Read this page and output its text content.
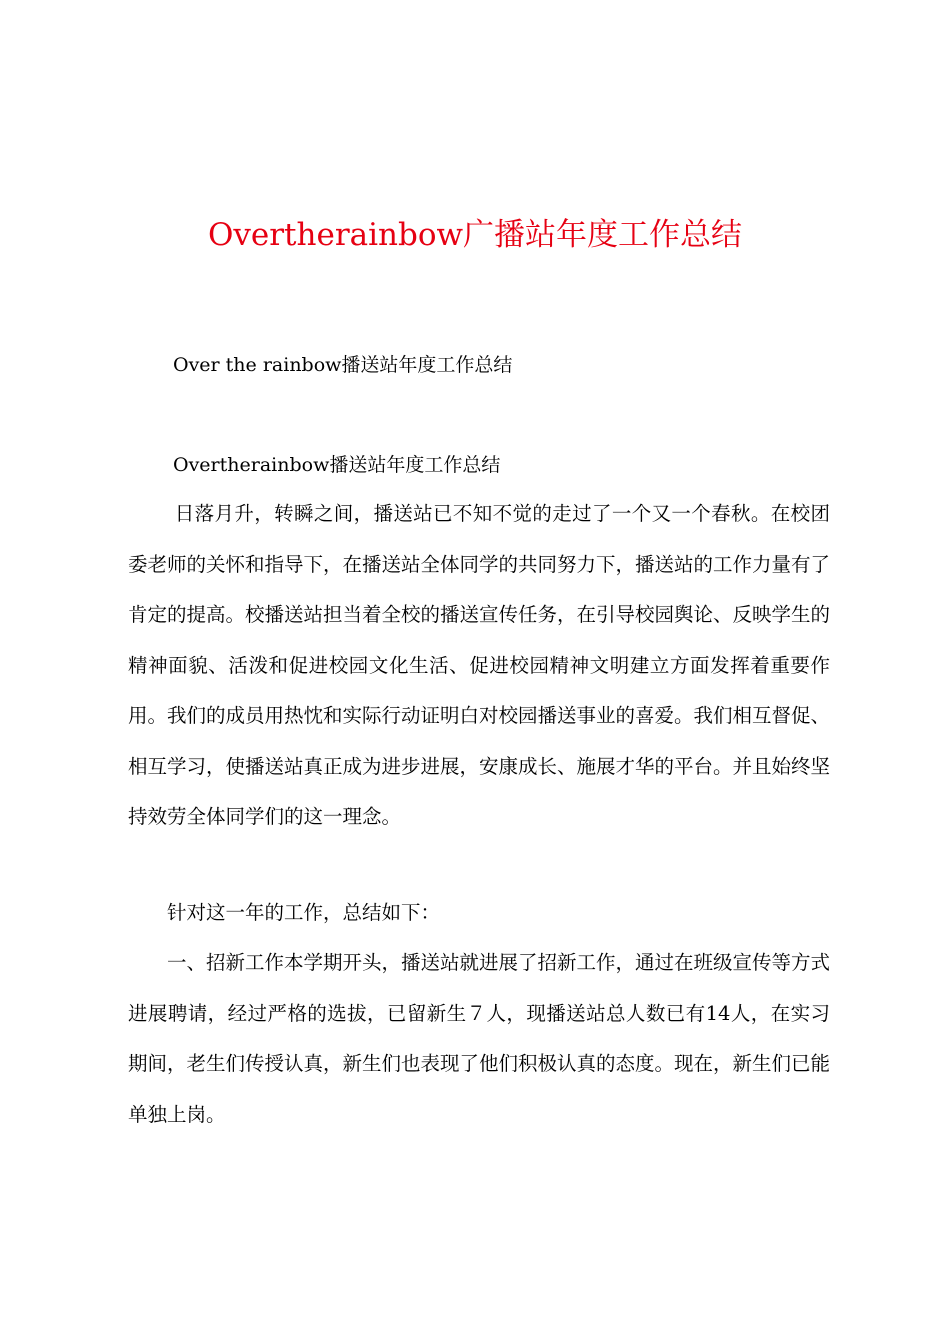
Overtherainbow广播站年度工作总结
Over the rainbow播送站年度工作总结
Overtherainbow播送站年度工作总结
日落月升，转瞬之间，播送站已不知不觉的走过了一个又一个春秋。在校团委老师的关怀和指导下，在播送站全体同学的共同努力下，播送站的工作力量有了肯定的提高。校播送站担当着全校的播送宣传任务，在引导校园舆论、反映学生的精神面貌、活泼和促进校园文化生活、促进校园精神文明建立方面发挥着重要作用。我们的成员用热忱和实际行动证明白对校园播送事业的喜爱。我们相互督促、相互学习，使播送站真正成为进步进展，安康成长、施展才华的平台。并且始终坚持效劳全体同学们的这一理念。
针对这一年的工作，总结如下：
一、招新工作本学期开头，播送站就进展了招新工作，通过在班级宣传等方式进展聘请，经过严格的选拔，已留新生７人，现播送站总人数已有14人，在实习期间，老生们传授认真，新生们也表现了他们积极认真的态度。现在，新生们已能单独上岗。
